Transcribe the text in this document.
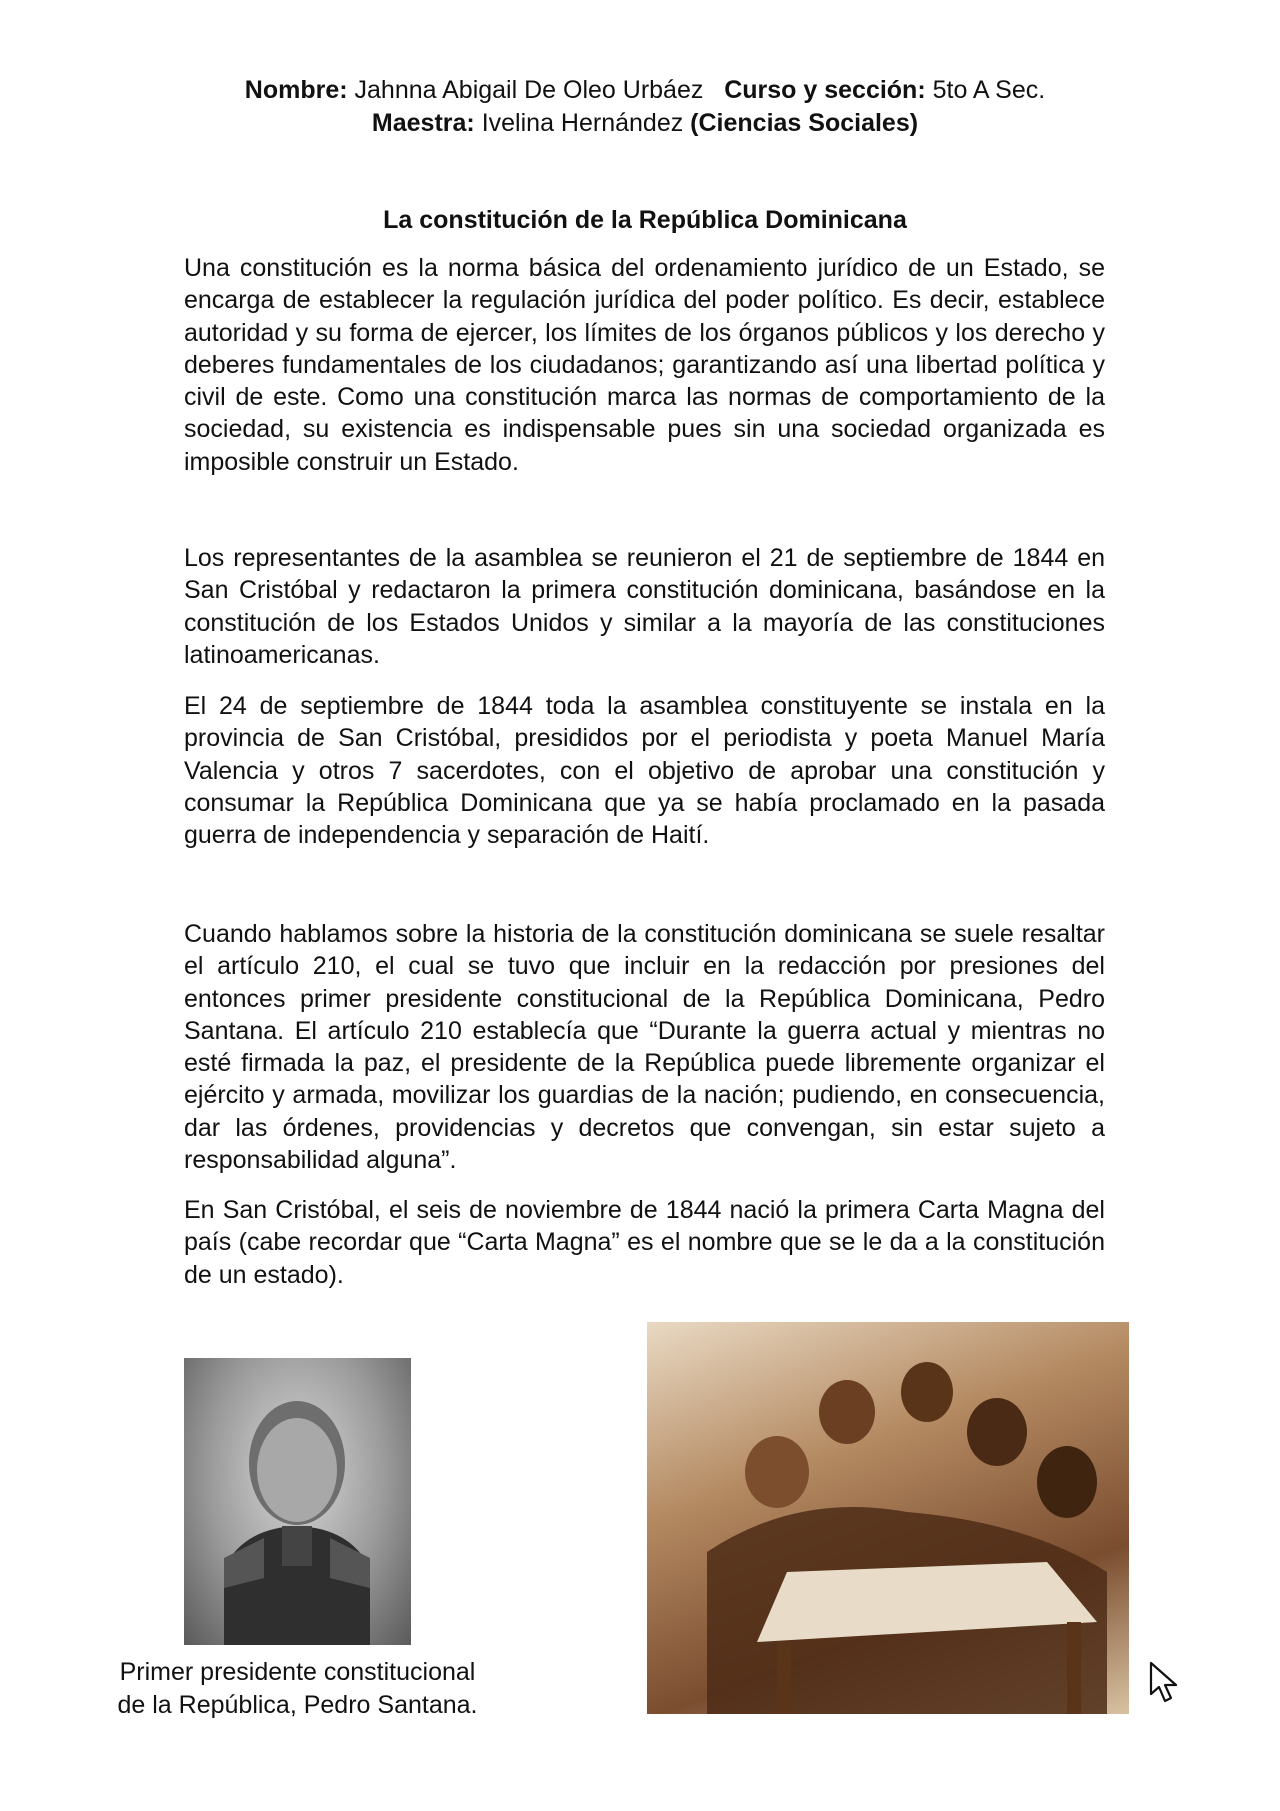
Nombre: Jahnna Abigail De Oleo Urbáez Curso y sección: 5to A Sec.
Maestra: Ivelina Hernández (Ciencias Sociales)
La constitución de la República Dominicana

Una constitución es la norma básica del ordenamiento jurídico de un Estado, se encarga de establecer la regulación jurídica del poder político. Es decir, establece autoridad y su forma de ejercer, los límites de los órganos públicos y los derecho y deberes fundamentales de los ciudadanos; garantizando así una libertad política y civil de este. Como una constitución marca las normas de comportamiento de la sociedad, su existencia es indispensable pues sin una sociedad organizada es imposible construir un Estado.

Los representantes de la asamblea se reunieron el 21 de septiembre de 1844 en San Cristóbal y redactaron la primera constitución dominicana, basándose en la constitución de los Estados Unidos y similar a la mayoría de las constituciones latinoamericanas.

El 24 de septiembre de 1844 toda la asamblea constituyente se instala en la provincia de San Cristóbal, presididos por el periodista y poeta Manuel María Valencia y otros 7 sacerdotes, con el objetivo de aprobar una constitución y consumar la República Dominicana que ya se había proclamado en la pasada guerra de independencia y separación de Haití.

Cuando hablamos sobre la historia de la constitución dominicana se suele resaltar el artículo 210, el cual se tuvo que incluir en la redacción por presiones del entonces primer presidente constitucional de la República Dominicana, Pedro Santana. El artículo 210 establecía que “Durante la guerra actual y mientras no esté firmada la paz, el presidente de la República puede libremente organizar el ejército y armada, movilizar los guardias de la nación; pudiendo, en consecuencia, dar las órdenes, providencias y decretos que convengan, sin estar sujeto a responsabilidad alguna”.

En San Cristóbal, el seis de noviembre de 1844 nació la primera Carta Magna del país (cabe recordar que “Carta Magna” es el nombre que se le da a la constitución de un estado).

Primer presidente constitucional
de la República, Pedro Santana.
